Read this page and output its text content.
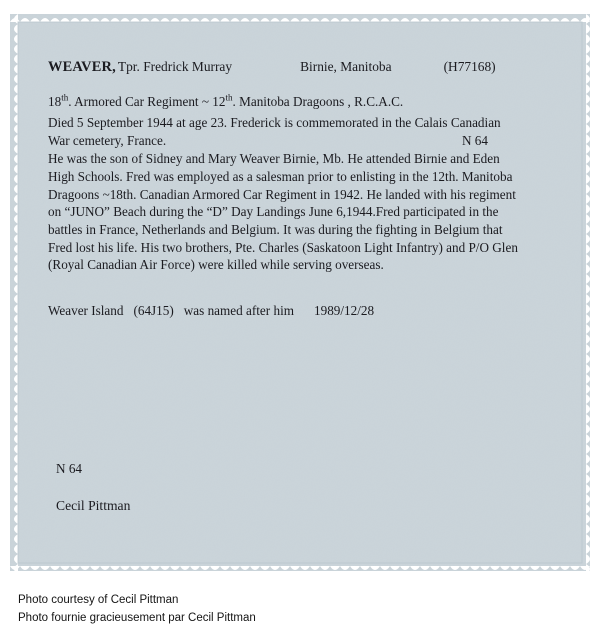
WEAVER, Tpr. Fredrick Murray	Birnie, Manitoba	(H77168)
18th. Armored Car Regiment ~ 12th. Manitoba Dragoons , R.C.A.C.
Died 5 September 1944 at age 23. Frederick is commemorated in the Calais Canadian
War cemetery, France.	N 64
He was the son of Sidney and Mary Weaver Birnie, Mb. He attended Birnie and Eden
High Schools. Fred was employed as a salesman prior to enlisting in the 12th. Manitoba
Dragoons ~18th. Canadian Armored Car Regiment in 1942. He landed with his regiment
on “JUNO” Beach during the “D” Day Landings June 6,1944.Fred participated in the
battles in France, Netherlands and Belgium. It was during the fighting in Belgium that
Fred lost his life. His two brothers, Pte. Charles (Saskatoon Light Infantry) and P/O Glen
(Royal Canadian Air Force) were killed while serving overseas.
Weaver Island (64J15) was named after him 1989/12/28
N 64
Cecil Pittman
Photo courtesy of Cecil Pittman
Photo fournie gracieusement par Cecil Pittman
